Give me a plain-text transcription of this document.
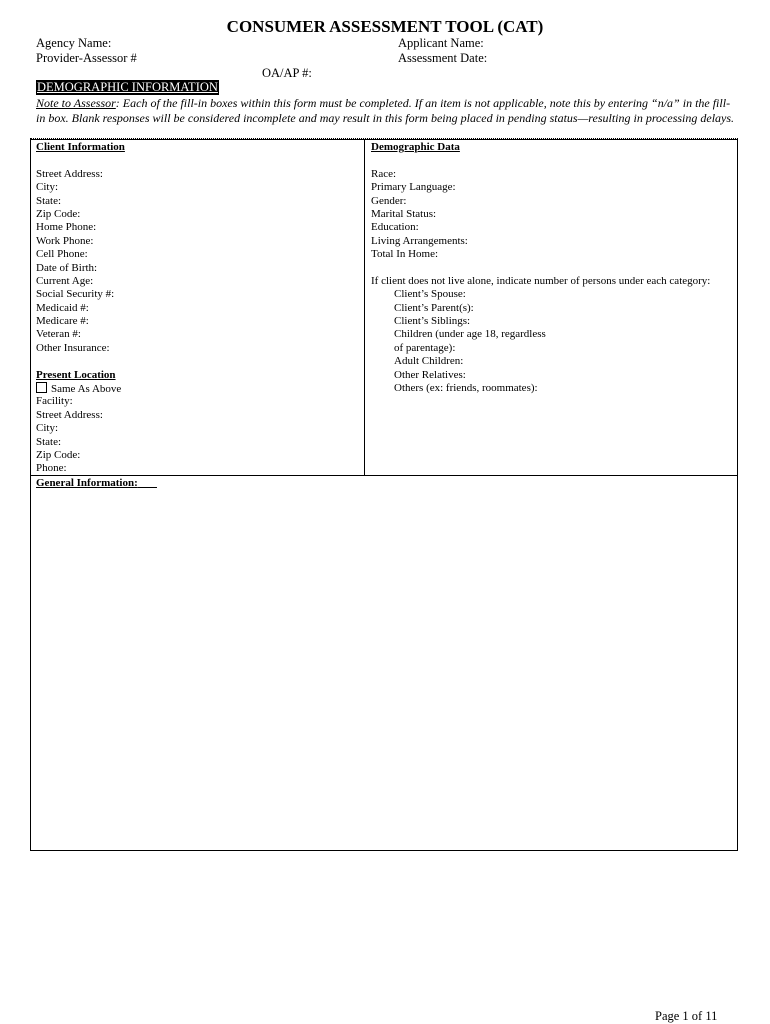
CONSUMER ASSESSMENT TOOL (CAT)
Agency Name:
Provider-Assessor #
Applicant Name:
Assessment Date:
OA/AP #:
DEMOGRAPHIC INFORMATION
Note to Assessor: Each of the fill-in boxes within this form must be completed. If an item is not applicable, note this by entering “n/a” in the fill-in box. Blank responses will be considered incomplete and may result in this form being placed in pending status—resulting in processing delays.
Client Information
Street Address:
City:
State:
Zip Code:
Home Phone:
Work Phone:
Cell Phone:
Date of Birth:
Current Age:
Social Security #:
Medicaid #:
Medicare #:
Veteran #:
Other Insurance:
Present Location
Same As Above
Facility:
Street Address:
City:
State:
Zip Code:
Phone:
Demographic Data
Race:
Primary Language:
Gender:
Marital Status:
Education:
Living Arrangements:
Total In Home:
If client does not live alone, indicate number of persons under each category:
Client’s Spouse:
Client’s Parent(s):
Client’s Siblings:
Children (under age 18, regardless
of parentage):
Adult Children:
Other Relatives:
Others (ex: friends, roommates):
General Information:
Page 1 of 11
